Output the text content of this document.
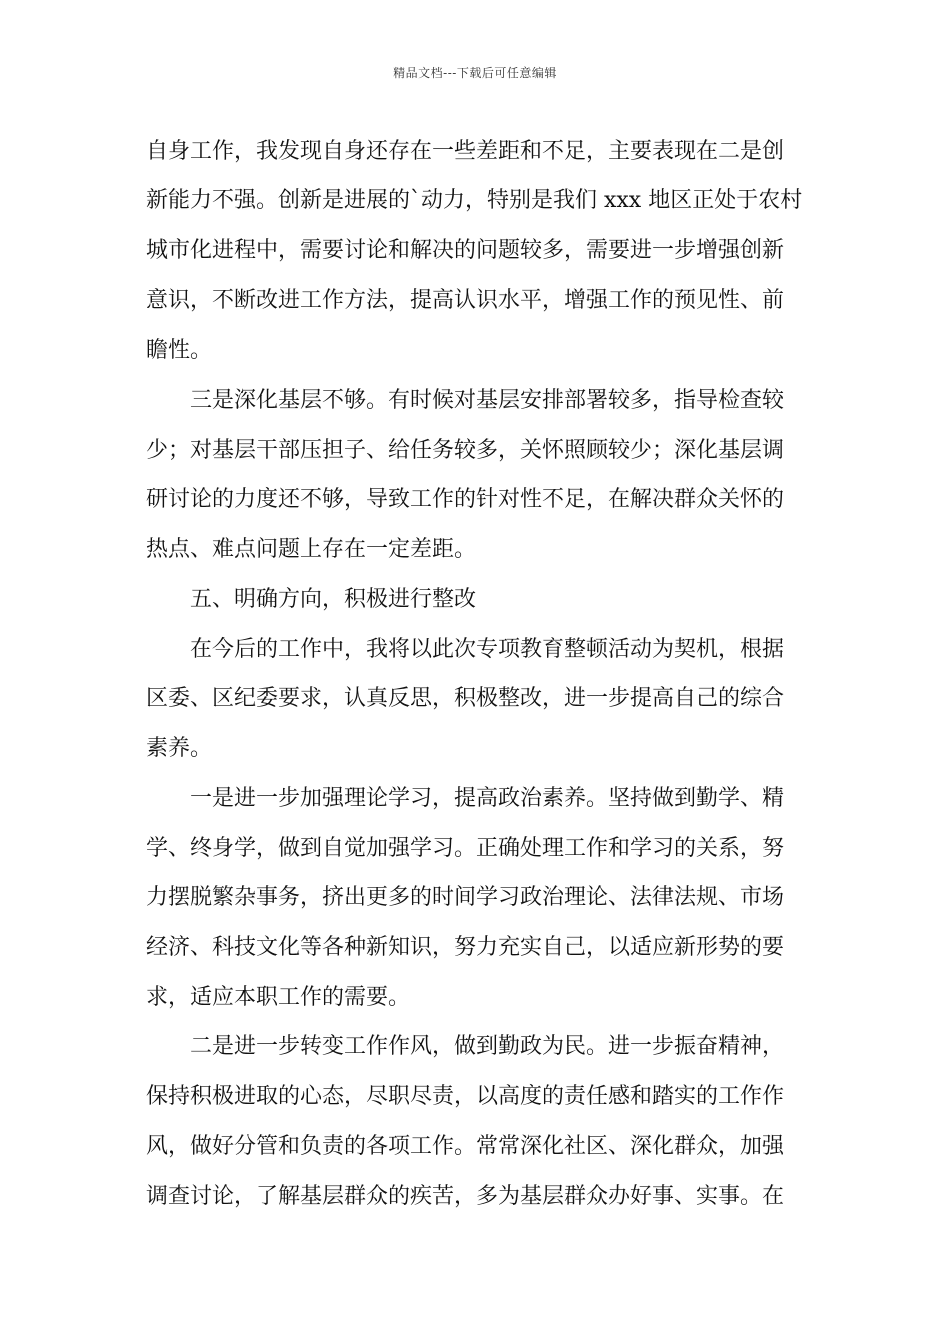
精品文档---下载后可任意编辑
自身工作，我发现自身还存在一些差距和不足，主要表现在二是创
新能力不强。创新是进展的`动力，特别是我们 xxx 地区正处于农村
城市化进程中，需要讨论和解决的问题较多，需要进一步增强创新
意识，不断改进工作方法，提高认识水平，增强工作的预见性、前
瞻性。
三是深化基层不够。有时候对基层安排部署较多，指导检查较
少；对基层干部压担子、给任务较多，关怀照顾较少；深化基层调
研讨论的力度还不够，导致工作的针对性不足，在解决群众关怀的
热点、难点问题上存在一定差距。
五、明确方向，积极进行整改
在今后的工作中，我将以此次专项教育整顿活动为契机，根据
区委、区纪委要求，认真反思，积极整改，进一步提高自己的综合
素养。
一是进一步加强理论学习，提高政治素养。坚持做到勤学、精
学、终身学，做到自觉加强学习。正确处理工作和学习的关系，努
力摆脱繁杂事务，挤出更多的时间学习政治理论、法律法规、市场
经济、科技文化等各种新知识，努力充实自己，以适应新形势的要
求，适应本职工作的需要。
二是进一步转变工作作风，做到勤政为民。进一步振奋精神，
保持积极进取的心态，尽职尽责，以高度的责任感和踏实的工作作
风，做好分管和负责的各项工作。常常深化社区、深化群众，加强
调查讨论，了解基层群众的疾苦，多为基层群众办好事、实事。在
